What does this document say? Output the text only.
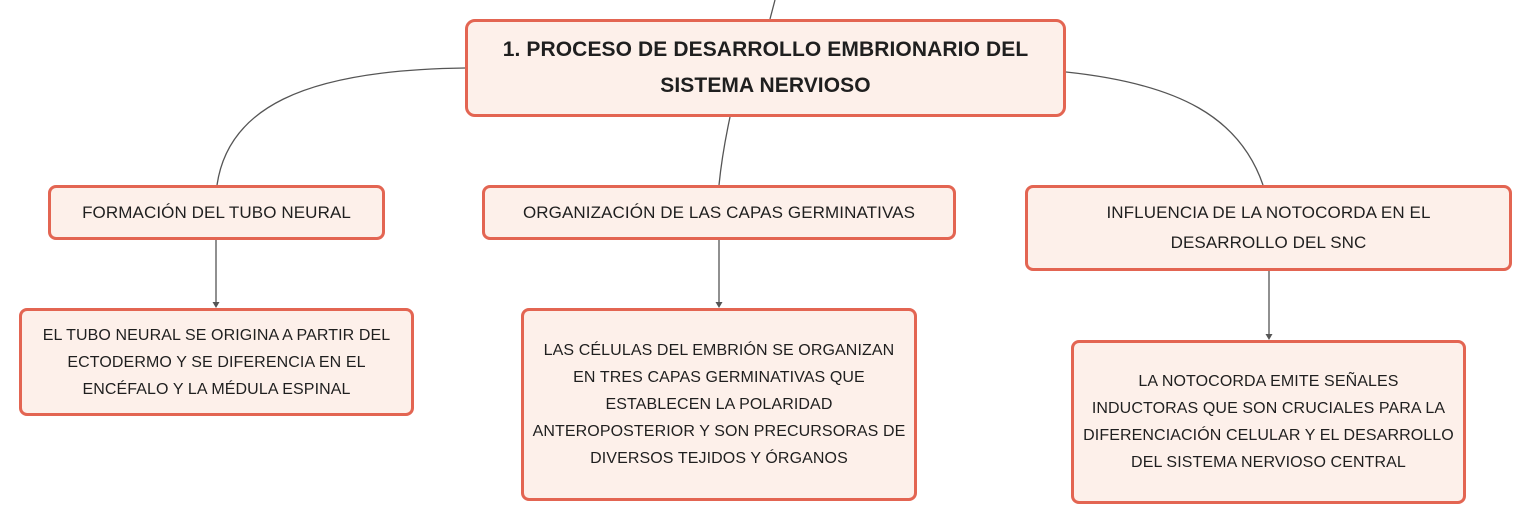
1. PROCESO DE DESARROLLO EMBRIONARIO DEL
SISTEMA NERVIOSO
FORMACIÓN DEL TUBO NEURAL	ORGANIZACIÓN DE LAS CAPAS GERMINATIVAS	INFLUENCIA DE LA NOTOCORDA EN EL
DESARROLLO DEL SNC
EL TUBO NEURAL SE ORIGINA A PARTIR DEL
ECTODERMO Y SE DIFERENCIA EN EL
ENCÉFALO Y LA MÉDULA ESPINAL
LAS CÉLULAS DEL EMBRIÓN SE ORGANIZAN
EN TRES CAPAS GERMINATIVAS QUE
ESTABLECEN LA POLARIDAD
ANTEROPOSTERIOR Y SON PRECURSORAS DE
DIVERSOS TEJIDOS Y ÓRGANOS
LA NOTOCORDA EMITE SEÑALES
INDUCTORAS QUE SON CRUCIALES PARA LA
DIFERENCIACIÓN CELULAR Y EL DESARROLLO
DEL SISTEMA NERVIOSO CENTRAL
